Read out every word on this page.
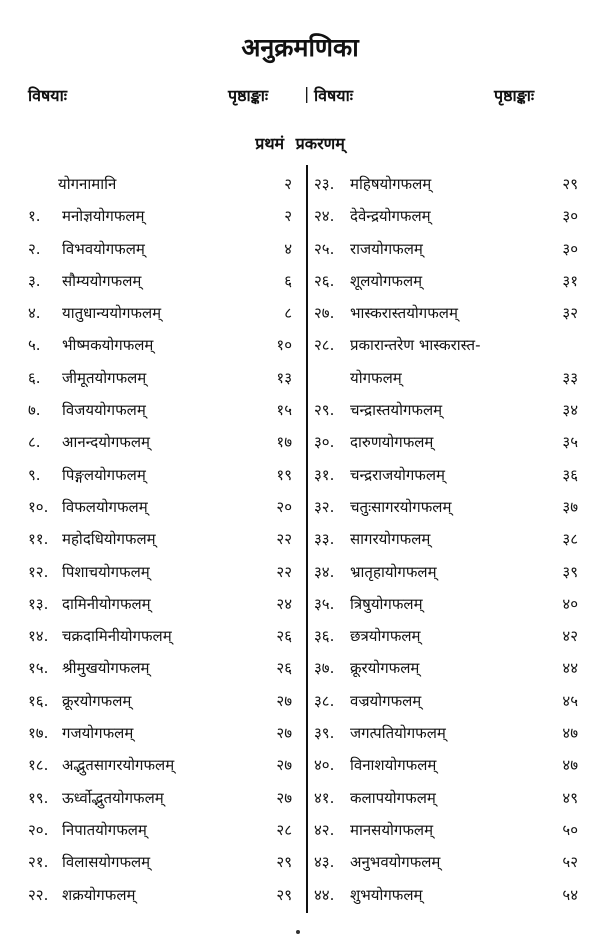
अनुक्रमणिका
विषयाः	पृष्ठाङ्काः | विषयाः	पृष्ठाङ्काः
प्रथमं प्रकरणम्
योगनामानि	२
१. मनोज्ञयोगफलम्	२
२. विभवयोगफलम्	४
३. सौम्ययोगफलम्	६
४. यातुधान्ययोगफलम्	८
५. भीष्मकयोगफलम्	१०
६. जीमूतयोगफलम्	१३
७. विजययोगफलम्	१५
८. आनन्दयोगफलम्	१७
९. पिङ्गलयोगफलम्	१९
१०. विफलयोगफलम्	२०
११. महोदधियोगफलम्	२२
१२. पिशाचयोगफलम्	२२
१३. दामिनीयोगफलम्	२४
१४. चक्रदामिनीयोगफलम्	२६
१५. श्रीमुखयोगफलम्	२६
१६. क्रूरयोगफलम्	२७
१७. गजयोगफलम्	२७
१८. अद्भुतसागरयोगफलम्	२७
१९. ऊर्ध्वोद्भुतयोगफलम्	२७
२०. निपातयोगफलम्	२८
२१. विलासयोगफलम्	२९
२२. शक्रयोगफलम्	२९
२३. महिषयोगफलम्	२९
२४. देवेन्द्रयोगफलम्	३०
२५. राजयोगफलम्	३०
२६. शूलयोगफलम्	३१
२७. भास्करास्तयोगफलम्	३२
२८. प्रकारान्तरेण भास्करास्त-
योगफलम्	३३
२९. चन्द्रास्तयोगफलम्	३४
३०. दारुणयोगफलम्	३५
३१. चन्द्रराजयोगफलम्	३६
३२. चतुःसागरयोगफलम्	३७
३३. सागरयोगफलम्	३८
३४. भ्रातृहायोगफलम्	३९
३५. त्रिषुयोगफलम्	४०
३६. छत्रयोगफलम्	४२
३७. क्रूरयोगफलम्	४४
३८. वज्रयोगफलम्	४५
३९. जगत्पतियोगफलम्	४७
४०. विनाशयोगफलम्	४७
४१. कलापयोगफलम्	४९
४२. मानसयोगफलम्	५०
४३. अनुभवयोगफलम्	५२
४४. शुभयोगफलम्	५४
